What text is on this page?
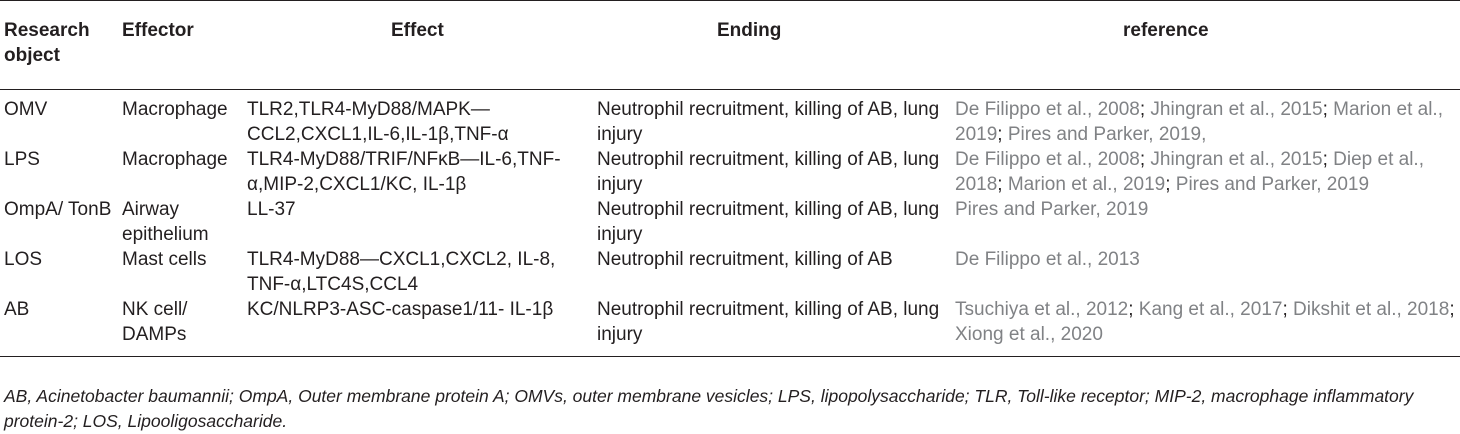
Research object	Effector	Effect	Ending	reference
OMV	Macrophage	TLR2,TLR4-MyD88/MAPK—CCL2,CXCL1,IL-6,IL-1β,TNF-α	Neutrophil recruitment, killing of AB, lung injury	De Filippo et al., 2008; Jhingran et al., 2015; Marion et al., 2019; Pires and Parker, 2019,
LPS	Macrophage	TLR4-MyD88/TRIF/NFκB—IL-6,TNF-α,MIP-2,CXCL1/KC, IL-1β	Neutrophil recruitment, killing of AB, lung injury	De Filippo et al., 2008; Jhingran et al., 2015; Diep et al., 2018; Marion et al., 2019; Pires and Parker, 2019
OmpA/ TonB	Airway epithelium	LL-37	Neutrophil recruitment, killing of AB, lung injury	Pires and Parker, 2019
LOS	Mast cells	TLR4-MyD88—CXCL1,CXCL2, IL-8, TNF-α,LTC4S,CCL4	Neutrophil recruitment, killing of AB	De Filippo et al., 2013
AB	NK cell/ DAMPs	KC/NLRP3-ASC-caspase1/11- IL-1β	Neutrophil recruitment, killing of AB, lung injury	Tsuchiya et al., 2012; Kang et al., 2017; Dikshit et al., 2018; Xiong et al., 2020
AB, Acinetobacter baumannii; OmpA, Outer membrane protein A; OMVs, outer membrane vesicles; LPS, lipopolysaccharide; TLR, Toll-like receptor; MIP-2, macrophage inflammatory protein-2; LOS, Lipooligosaccharide.
